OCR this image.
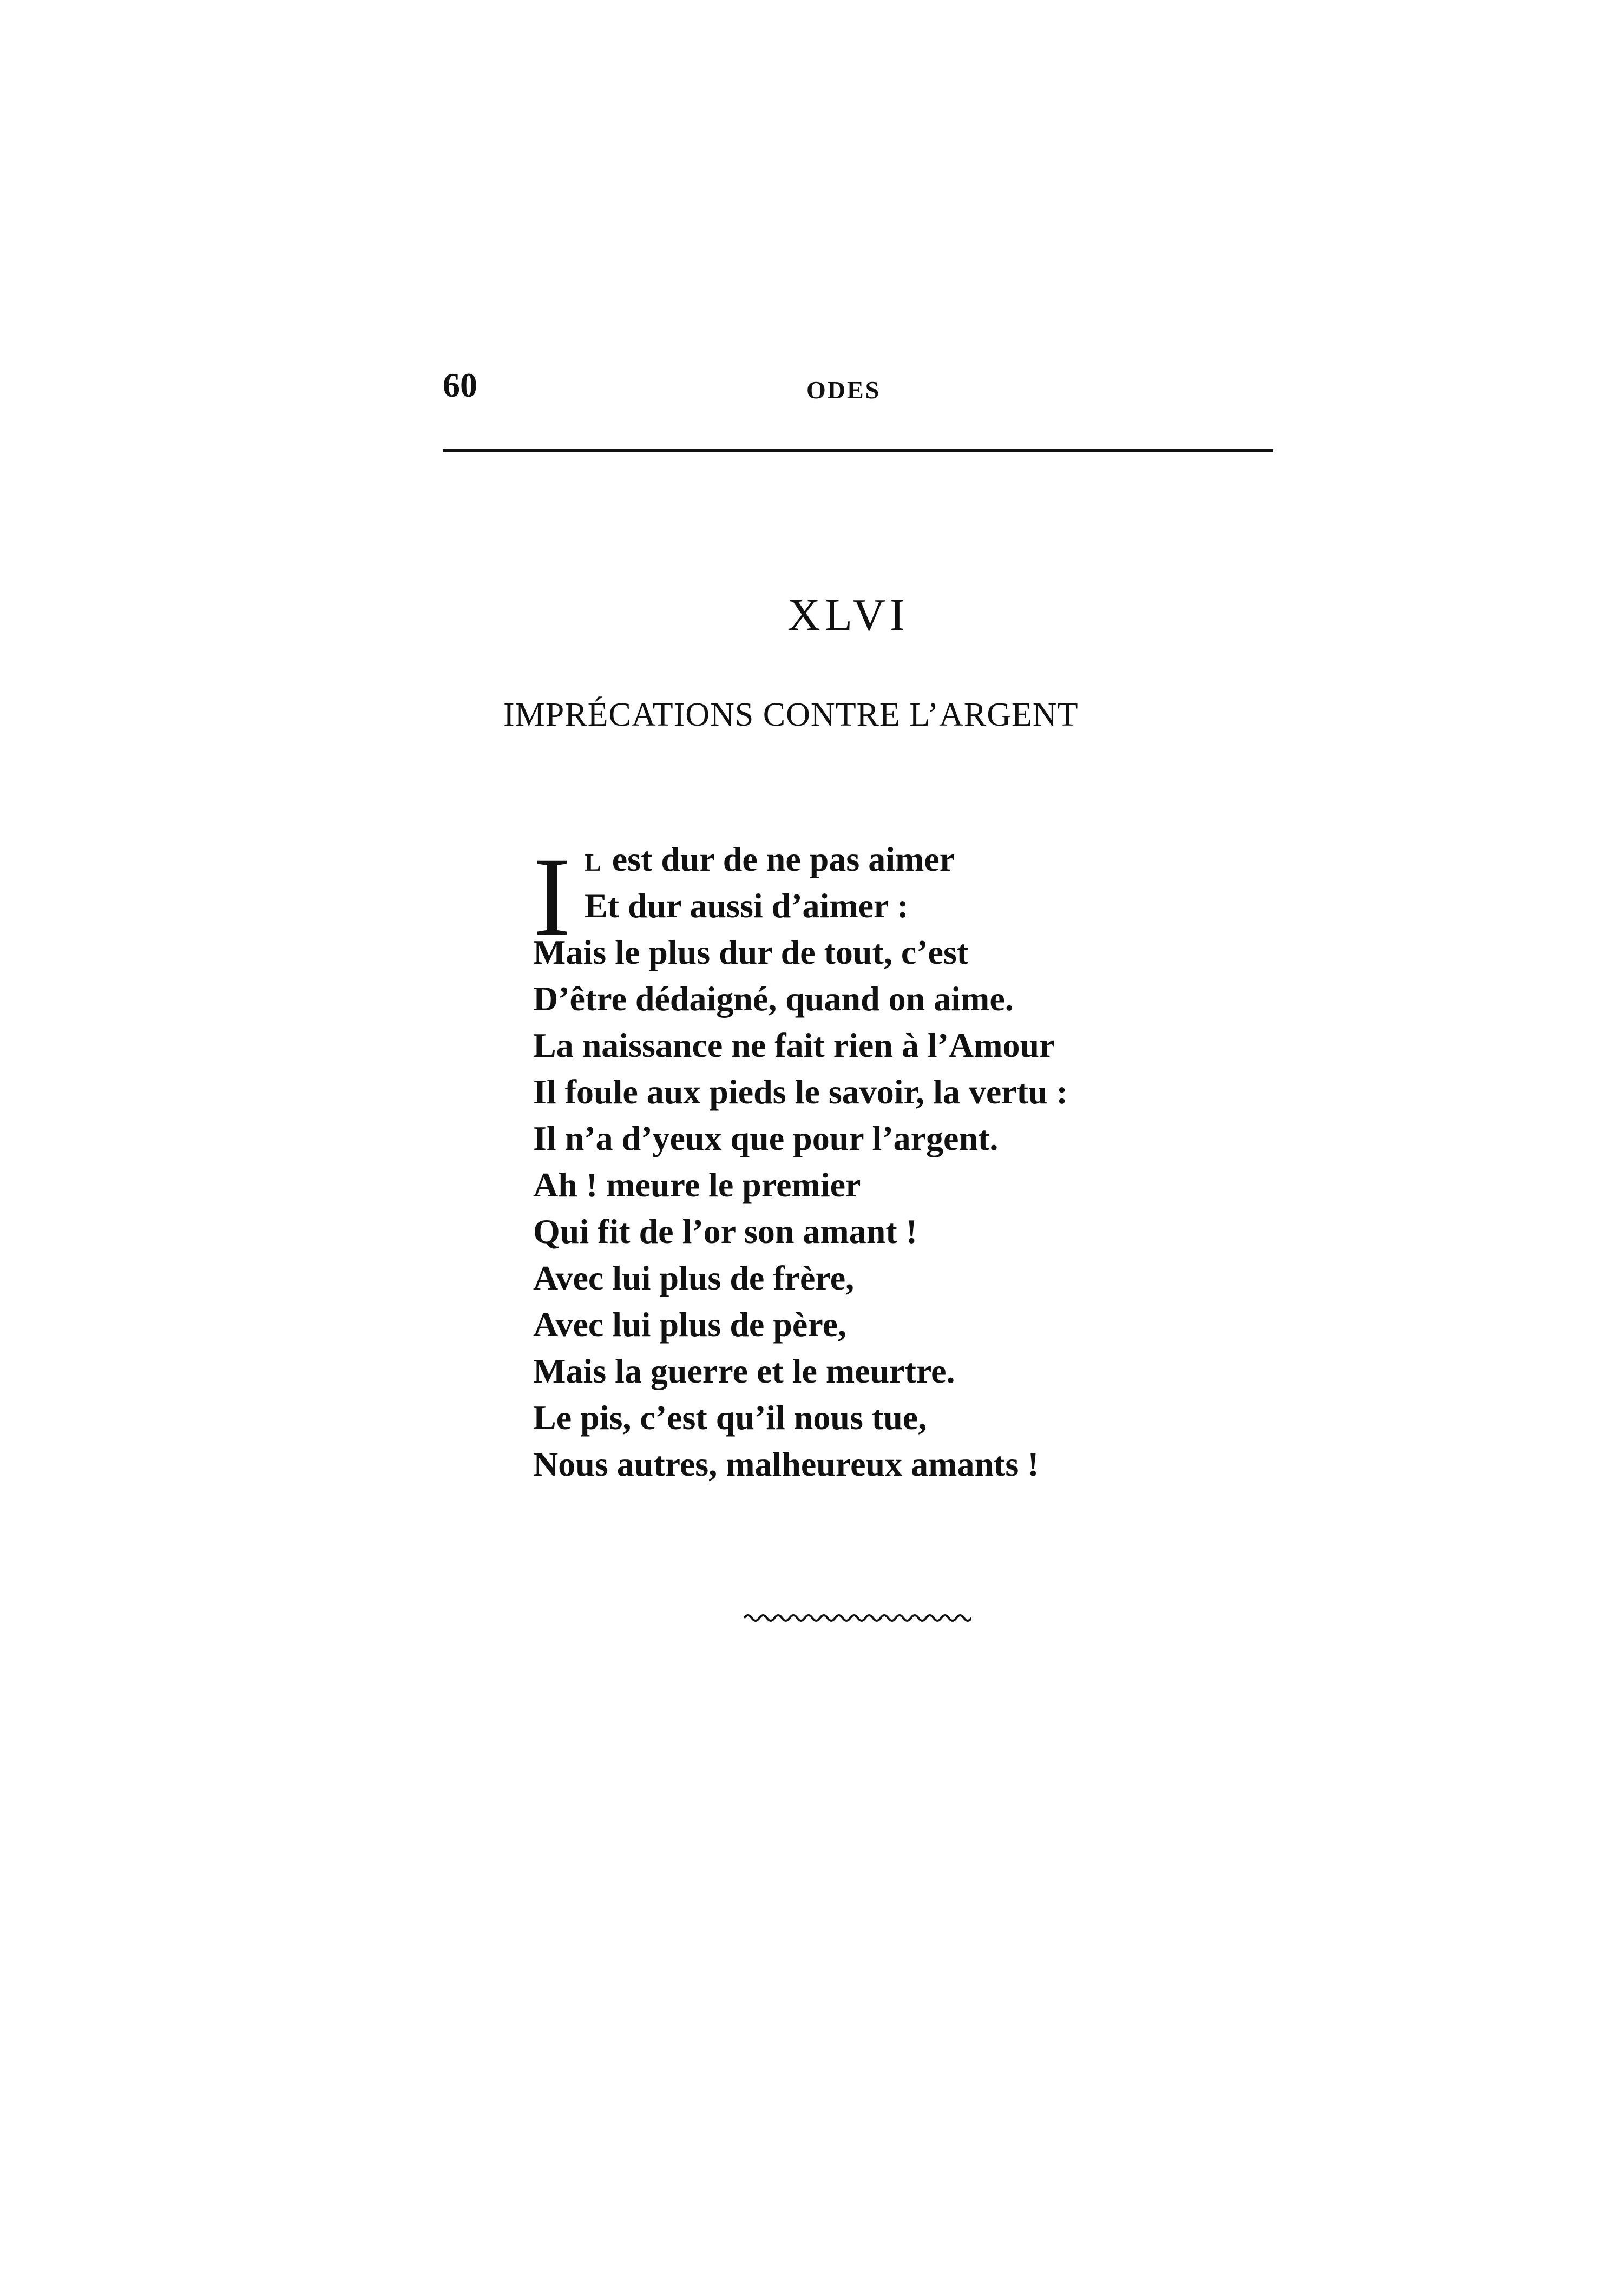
60	ODES
XLVI
IMPRÉCATIONS CONTRE L’ARGENT
I L est dur de ne pas aimer
Et dur aussi d’aimer :
Mais le plus dur de tout, c’est
D’être dédaigné, quand on aime.
La naissance ne fait rien à l’Amour
Il foule aux pieds le savoir, la vertu :
Il n’a d’yeux que pour l’argent.
Ah ! meure le premier
Qui fit de l’or son amant !
Avec lui plus de frère,
Avec lui plus de père,
Mais la guerre et le meurtre.
Le pis, c’est qu’il nous tue,
Nous autres, malheureux amants !
